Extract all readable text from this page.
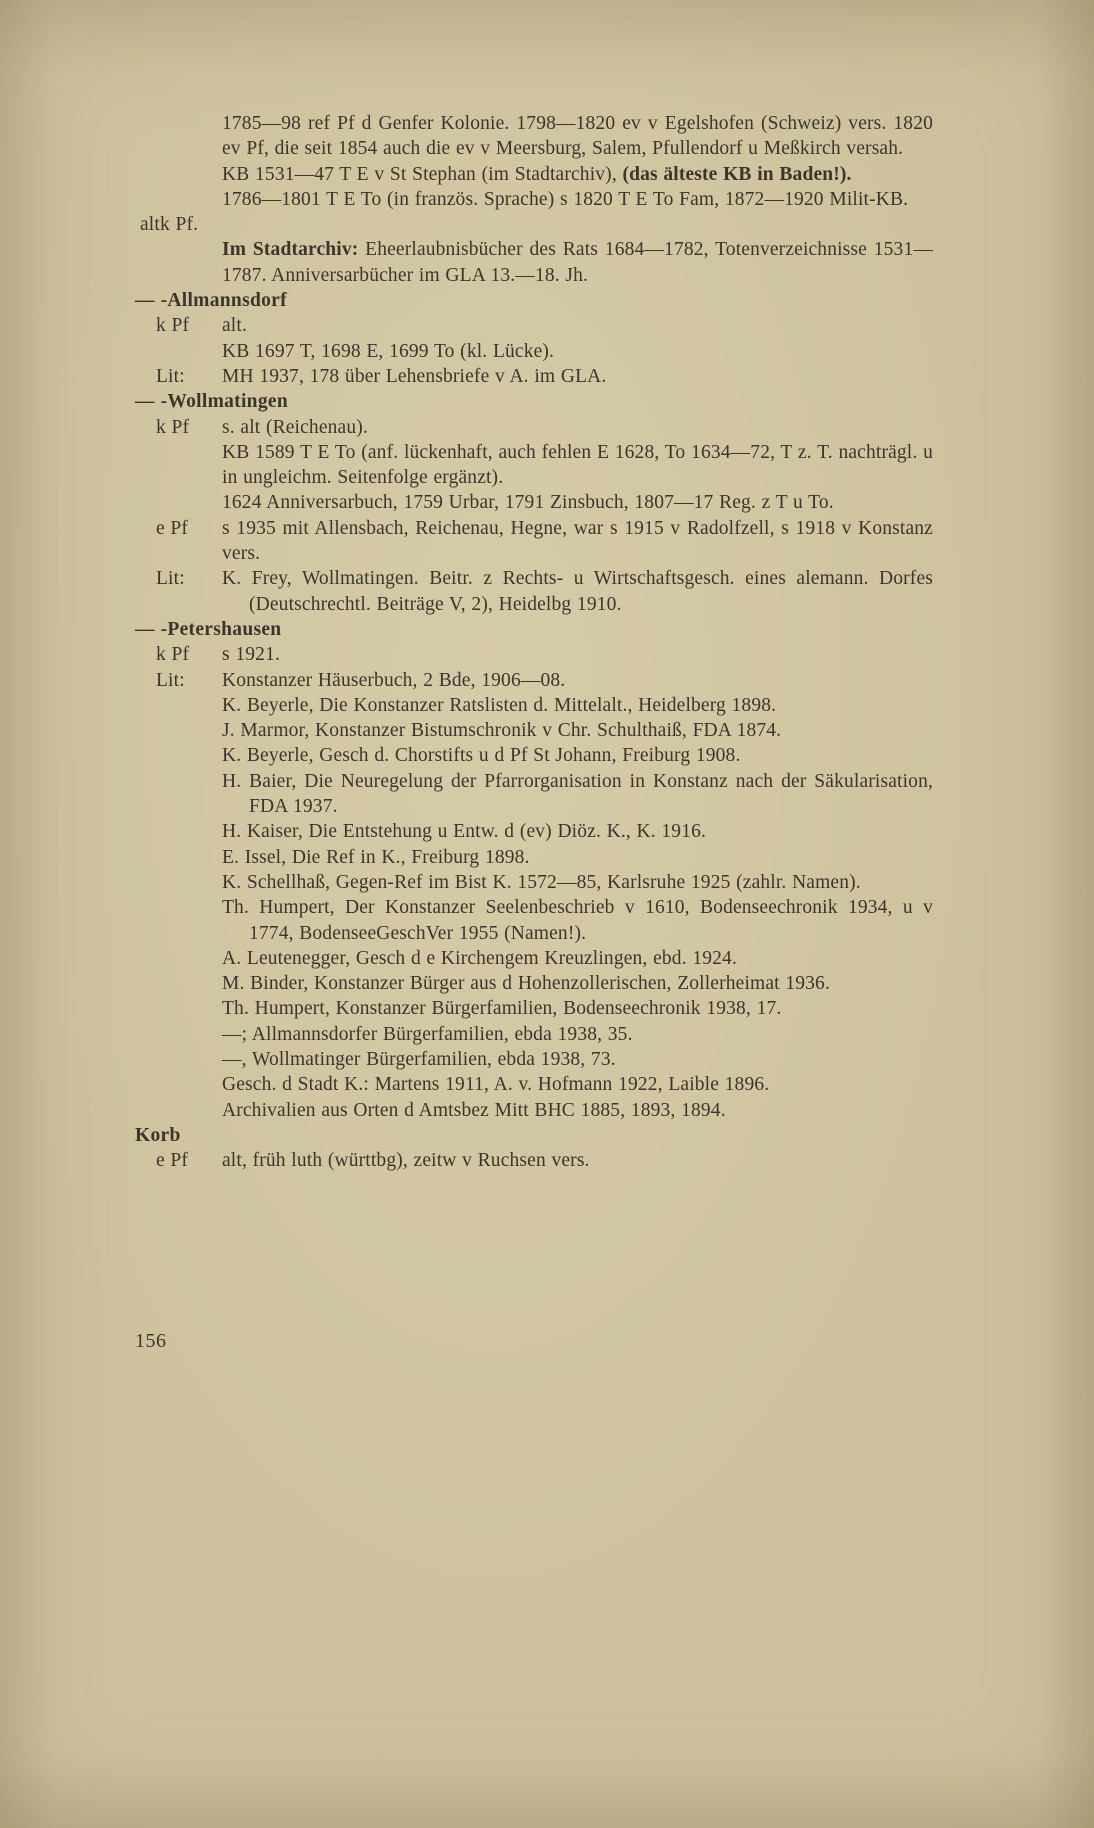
1785—98 ref Pf d Genfer Kolonie. 1798—1820 ev v Egelshofen (Schweiz) vers. 1820 ev Pf, die seit 1854 auch die ev v Meersburg, Salem, Pfullendorf u Meßkirch versah.
KB 1531—47 T E v St Stephan (im Stadtarchiv), (das älteste KB in Baden!).
1786—1801 T E To (in französ. Sprache) s 1820 T E To Fam, 1872—1920 Milit-KB.
altk Pf.
Im Stadtarchiv: Eheerlaubnisbücher des Rats 1684—1782, Totenverzeichnisse 1531—1787. Anniversarbücher im GLA 13.—18. Jh.
— -Allmannsdorf
k Pf alt.
KB 1697 T, 1698 E, 1699 To (kl. Lücke).
Lit: MH 1937, 178 über Lehensbriefe v A. im GLA.
— -Wollmatingen
k Pf s. alt (Reichenau).
KB 1589 T E To (anf. lückenhaft, auch fehlen E 1628, To 1634—72, T z. T. nachträgl. u in ungleichm. Seitenfolge ergänzt).
1624 Anniversarbuch, 1759 Urbar, 1791 Zinsbuch, 1807—17 Reg. z T u To.
e Pf s 1935 mit Allensbach, Reichenau, Hegne, war s 1915 v Radolfzell, s 1918 v Konstanz vers.
Lit: K. Frey, Wollmatingen. Beitr. z Rechts- u Wirtschaftsgesch. eines alemann. Dorfes (Deutschrechtl. Beiträge V, 2), Heidelbg 1910.
— -Petershausen
k Pf s 1921.
Lit: Konstanzer Häuserbuch, 2 Bde, 1906—08.
K. Beyerle, Die Konstanzer Ratslisten d. Mittelalt., Heidelberg 1898.
J. Marmor, Konstanzer Bistumschronik v Chr. Schulthaiß, FDA 1874.
K. Beyerle, Gesch d. Chorstifts u d Pf St Johann, Freiburg 1908.
H. Baier, Die Neuregelung der Pfarrorganisation in Konstanz nach der Säkularisation, FDA 1937.
H. Kaiser, Die Entstehung u Entw. d (ev) Diöz. K., K. 1916.
E. Issel, Die Ref in K., Freiburg 1898.
K. Schellhaß, Gegen-Ref im Bist K. 1572—85, Karlsruhe 1925 (zahlr. Namen).
Th. Humpert, Der Konstanzer Seelenbeschrieb v 1610, Bodenseechronik 1934, u v 1774, BodenseeGeschVer 1955 (Namen!).
A. Leutenegger, Gesch d e Kirchengem Kreuzlingen, ebd. 1924.
M. Binder, Konstanzer Bürger aus d Hohenzollerischen, Zollerheimat 1936.
Th. Humpert, Konstanzer Bürgerfamilien, Bodenseechronik 1938, 17.
—; Allmannsdorfer Bürgerfamilien, ebda 1938, 35.
—, Wollmatinger Bürgerfamilien, ebda 1938, 73.
Gesch. d Stadt K.: Martens 1911, A. v. Hofmann 1922, Laible 1896.
Archivalien aus Orten d Amtsbez Mitt BHC 1885, 1893, 1894.
Korb
e Pf alt, früh luth (württbg), zeitw v Ruchsen vers.
156
